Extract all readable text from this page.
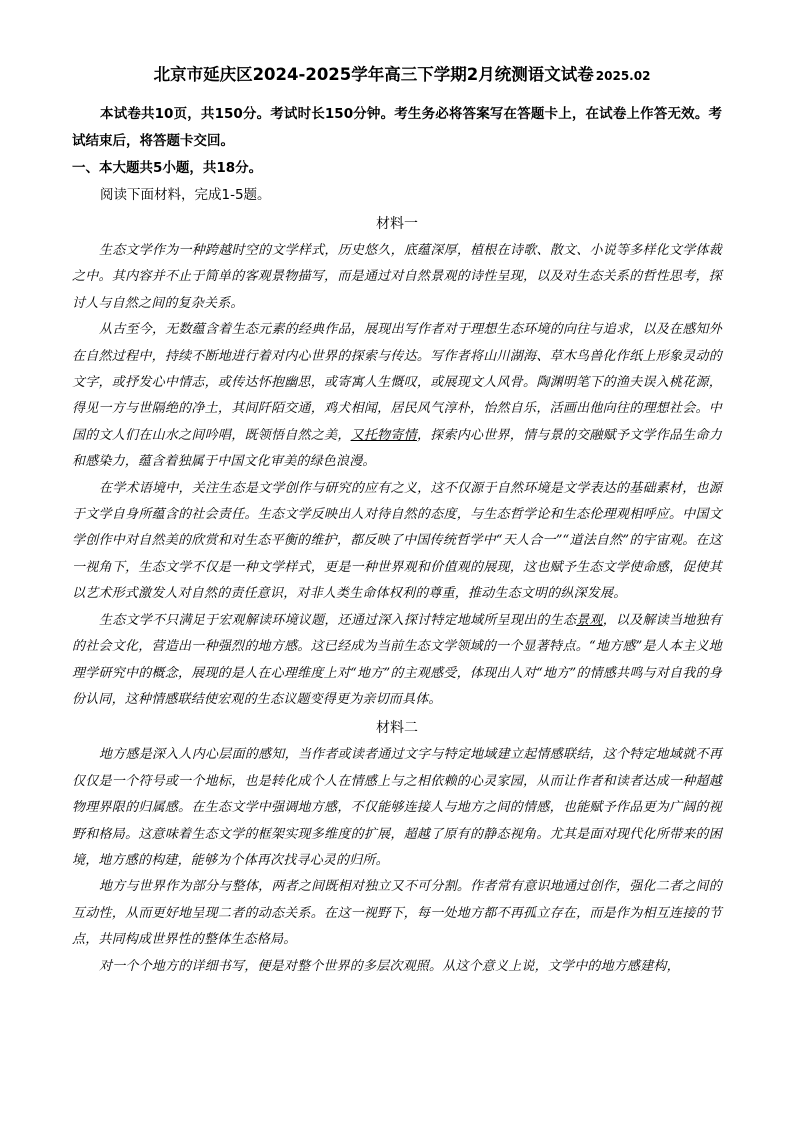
北京市延庆区2024-2025学年高三下学期2月统测语文试卷 2025.02

本试卷共10页，共150分。考试时长150分钟。考生务必将答案写在答题卡上，在试卷上作答无效。考试结束后，将答题卡交回。

一、本大题共5小题，共18分。

阅读下面材料，完成1-5题。

材料一

生态文学作为一种跨越时空的文学样式，历史悠久，底蕴深厚，植根在诗歌、散文、小说等多样化文学体裁之中。其内容并不止于简单的客观景物描写，而是通过对自然景观的诗性呈现，以及对生态关系的哲性思考，探讨人与自然之间的复杂关系。

从古至今，无数蕴含着生态元素的经典作品，展现出写作者对于理想生态环境的向往与追求，以及在感知外在自然过程中，持续不断地进行着对内心世界的探索与传达。写作者将山川湖海、草木鸟兽化作纸上形象灵动的文字，或抒发心中情志，或传达怀抱幽思，或寄寓人生慨叹，或展现文人风骨。陶渊明笔下的渔夫误入桃花源，得见一方与世隔绝的净土，其间阡陌交通，鸡犬相闻，居民风气淳朴，怡然自乐，活画出他向往的理想社会。中国的文人们在山水之间吟唱，既领悟自然之美，又托物寄情，探索内心世界，情与景的交融赋予文学作品生命力和感染力，蕴含着独属于中国文化审美的绿色浪漫。

在学术语境中，关注生态是文学创作与研究的应有之义，这不仅源于自然环境是文学表达的基础素材，也源于文学自身所蕴含的社会责任。生态文学反映出人对待自然的态度，与生态哲学论和生态伦理观相呼应。中国文学创作中对自然美的欣赏和对生态平衡的维护，都反映了中国传统哲学中“天人合一”“道法自然”的宇宙观。在这一视角下，生态文学不仅是一种文学样式，更是一种世界观和价值观的展现，这也赋予生态文学使命感，促使其以艺术形式激发人对自然的责任意识，对非人类生命体权利的尊重，推动生态文明的纵深发展。

生态文学不只满足于宏观解读环境议题，还通过深入探讨特定地域所呈现出的生态景观，以及解读当地独有的社会文化，营造出一种强烈的地方感。这已经成为当前生态文学领域的一个显著特点。“地方感”是人本主义地理学研究中的概念，展现的是人在心理维度上对“地方”的主观感受，体现出人对“地方”的情感共鸣与对自我的身份认同，这种情感联结使宏观的生态议题变得更为亲切而具体。

材料二

地方感是深入人内心层面的感知，当作者或读者通过文字与特定地域建立起情感联结，这个特定地域就不再仅仅是一个符号或一个地标，也是转化成个人在情感上与之相依赖的心灵家园，从而让作者和读者达成一种超越物理界限的归属感。在生态文学中强调地方感，不仅能够连接人与地方之间的情感，也能赋予作品更为广阔的视野和格局。这意味着生态文学的框架实现多维度的扩展，超越了原有的静态视角。尤其是面对现代化所带来的困境，地方感的构建，能够为个体再次找寻心灵的归所。

地方与世界作为部分与整体，两者之间既相对独立又不可分割。作者常有意识地通过创作，强化二者之间的互动性，从而更好地呈现二者的动态关系。在这一视野下，每一处地方都不再孤立存在，而是作为相互连接的节点，共同构成世界性的整体生态格局。

对一个个地方的详细书写，便是对整个世界的多层次观照。从这个意义上说，文学中的地方感建构，
